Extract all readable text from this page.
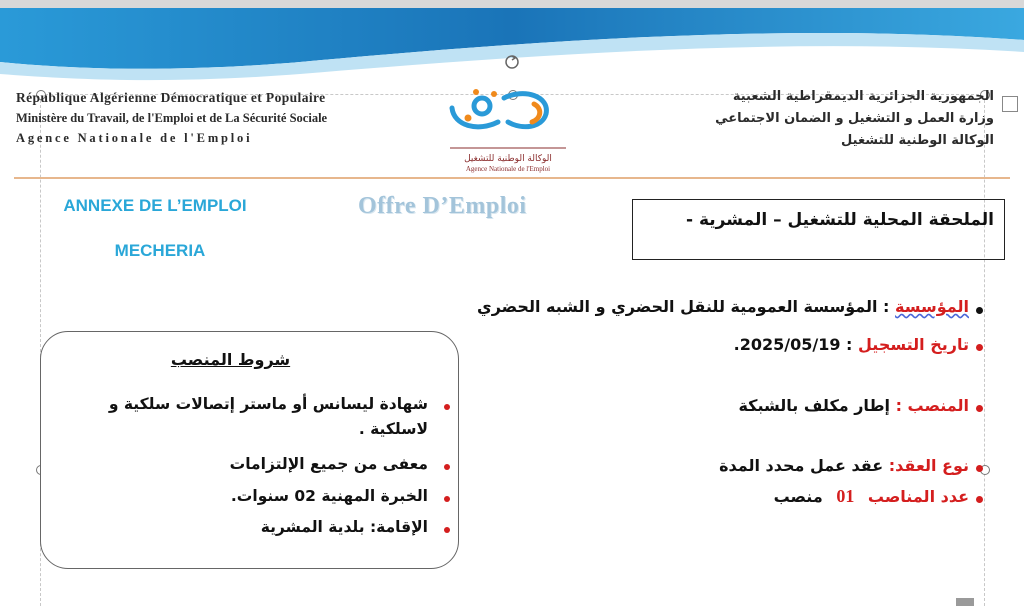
République Algérienne Démocratique et Populaire
Ministère du Travail, de l'Emploi et de La Sécurité Sociale
Agence Nationale de l'Emploi
الجمهورية الجزائرية الديمقراطية الشعبية
وزارة العمل و التشغيل و الضمان الاجتماعي
الوكالة الوطنية للتشغيل
الوكالة الوطنية للتشغيل
Agence Nationale de l'Emploi
ANNEXE DE L’EMPLOI
MECHERIA
Offre D’Emploi
الملحقة المحلية للتشغيل – المشرية -
المؤسسة : المؤسسة العمومية للنقل الحضري و الشبه الحضري
تاريخ التسجيل : 2025/05/19.
المنصب : إطار مكلف بالشبكة
نوع العقد: عقد عمل محدد المدة
عدد المناصب 01 منصب
شروط المنصب
شهادة ليسانس أو ماستر إتصالات سلكية و لاسلكية .
معفى من جميع الإلتزامات
الخبرة المهنية 02 سنوات.
الإقامة: بلدية المشرية
